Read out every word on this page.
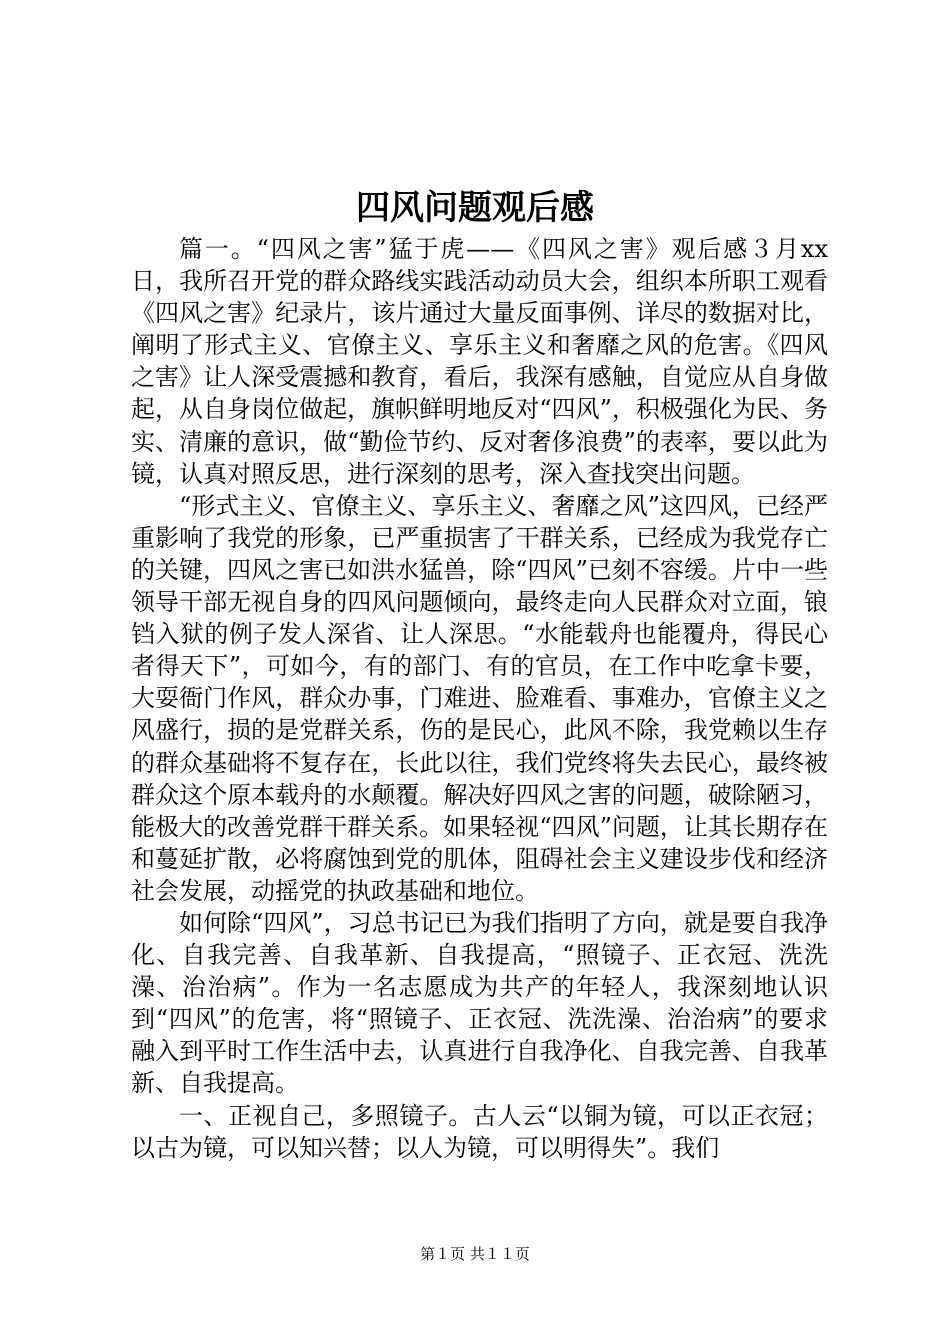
四风问题观后感

篇一。“四风之害”猛于虎——《四风之害》观后感３月xx日，我所召开党的群众路线实践活动动员大会，组织本所职工观看《四风之害》纪录片，该片通过大量反面事例、详尽的数据对比，阐明了形式主义、官僚主义、享乐主义和奢靡之风的危害。《四风之害》让人深受震撼和教育，看后，我深有感触，自觉应从自身做起，从自身岗位做起，旗帜鲜明地反对“四风”，积极强化为民、务实、清廉的意识，做“勤俭节约、反对奢侈浪费”的表率，要以此为镜，认真对照反思，进行深刻的思考，深入查找突出问题。

“形式主义、官僚主义、享乐主义、奢靡之风”这四风，已经严重影响了我党的形象，已严重损害了干群关系，已经成为我党存亡的关键，四风之害已如洪水猛兽，除“四风”已刻不容缓。片中一些领导干部无视自身的四风问题倾向，最终走向人民群众对立面，锒铛入狱的例子发人深省、让人深思。“水能载舟也能覆舟，得民心者得天下”，可如今，有的部门、有的官员，在工作中吃拿卡要，大耍衙门作风，群众办事，门难进、脸难看、事难办，官僚主义之风盛行，损的是党群关系，伤的是民心，此风不除，我党赖以生存的群众基础将不复存在，长此以往，我们党终将失去民心，最终被群众这个原本载舟的水颠覆。解决好四风之害的问题，破除陋习，能极大的改善党群干群关系。如果轻视“四风”问题，让其长期存在和蔓延扩散，必将腐蚀到党的肌体，阻碍社会主义建设步伐和经济社会发展，动摇党的执政基础和地位。

如何除“四风”，习总书记已为我们指明了方向，就是要自我净化、自我完善、自我革新、自我提高，“照镜子、正衣冠、洗洗澡、治治病”。作为一名志愿成为共产的年轻人，我深刻地认识到“四风”的危害，将“照镜子、正衣冠、洗洗澡、治治病”的要求融入到平时工作生活中去，认真进行自我净化、自我完善、自我革新、自我提高。

一、正视自己，多照镜子。古人云“以铜为镜，可以正衣冠；以古为镜，可以知兴替；以人为镜，可以明得失”。我们

第１页 共１１页
